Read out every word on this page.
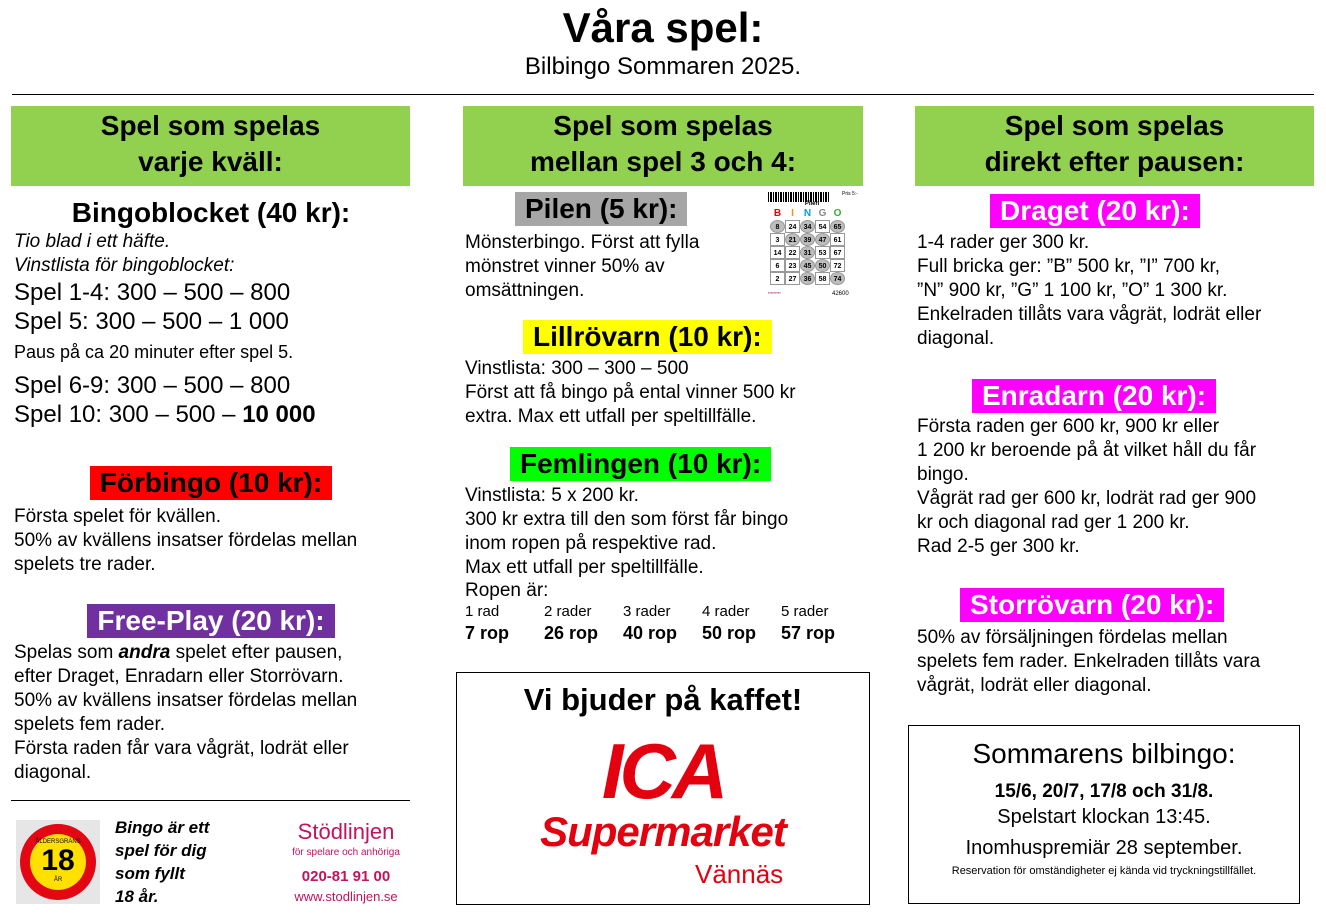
Våra spel:
Bilbingo Sommaren 2025.
Spel som spelas
varje kväll:
Bingoblocket (40 kr):
Tio blad i ett häfte.
Vinstlista för bingoblocket:
Spel 1-4: 300 – 500 – 800
Spel 5: 300 – 500 – 1 000
Paus på ca 20 minuter efter spel 5.
Spel 6-9: 300 – 500 – 800
Spel 10: 300 – 500 – 10 000
Förbingo (10 kr):
Första spelet för kvällen.
50% av kvällens insatser fördelas mellan
spelets tre rader.
Free-Play (20 kr):
Spelas som andra spelet efter pausen,
efter Draget, Enradarn eller Storrövarn.
50% av kvällens insatser fördelas mellan
spelets fem rader.
Första raden får vara vågrät, lodrät eller
diagonal.
ÅLDERSGRÄNS
18
ÅR
Bingo är ett
spel för dig
som fyllt
18 år.
Stödlinjen
för spelare och anhöriga
020-81 91 00
www.stodlinjen.se
Spel som spelas
mellan spel 3 och 4:
Pilen (5 kr):
Mönsterbingo. Först att fylla
mönstret vinner 50% av
omsättningen.
Pris 5:-
Pilen
B	I N G O
8	24	34	54	65
3	21	39	47	61
14	22	31	53	67
6	23	45	50	72
2	27	36	58	74
▪▪▪▪▪▪▪▪▪	42600
Lillrövarn (10 kr):
Vinstlista: 300 – 300 – 500
Först att få bingo på ental vinner 500 kr
extra. Max ett utfall per speltillfälle.
Femlingen (10 kr):
Vinstlista: 5 x 200 kr.
300 kr extra till den som först får bingo
inom ropen på respektive rad.
Max ett utfall per speltillfälle.
Ropen är:
1 rad	2 rader	3 rader	4 rader	5 rader
7 rop	26 rop	40 rop	50 rop	57 rop
Vi bjuder på kaffet!
ICA
Supermarket
Vännäs
Spel som spelas
direkt efter pausen:
Draget (20 kr):
1-4 rader ger 300 kr.
Full bricka ger: ”B” 500 kr, ”I” 700 kr,
”N” 900 kr, ”G” 1 100 kr, ”O” 1 300 kr.
Enkelraden tillåts vara vågrät, lodrät eller
diagonal.
Enradarn (20 kr):
Första raden ger 600 kr, 900 kr eller
1 200 kr beroende på åt vilket håll du får
bingo.
Vågrät rad ger 600 kr, lodrät rad ger 900
kr och diagonal rad ger 1 200 kr.
Rad 2-5 ger 300 kr.
Storrövarn (20 kr):
50% av försäljningen fördelas mellan
spelets fem rader. Enkelraden tillåts vara
vågrät, lodrät eller diagonal.
Sommarens bilbingo:
15/6, 20/7, 17/8 och 31/8.
Spelstart klockan 13:45.
Inomhuspremiär 28 september.
Reservation för omständigheter ej kända vid tryckningstillfället.
